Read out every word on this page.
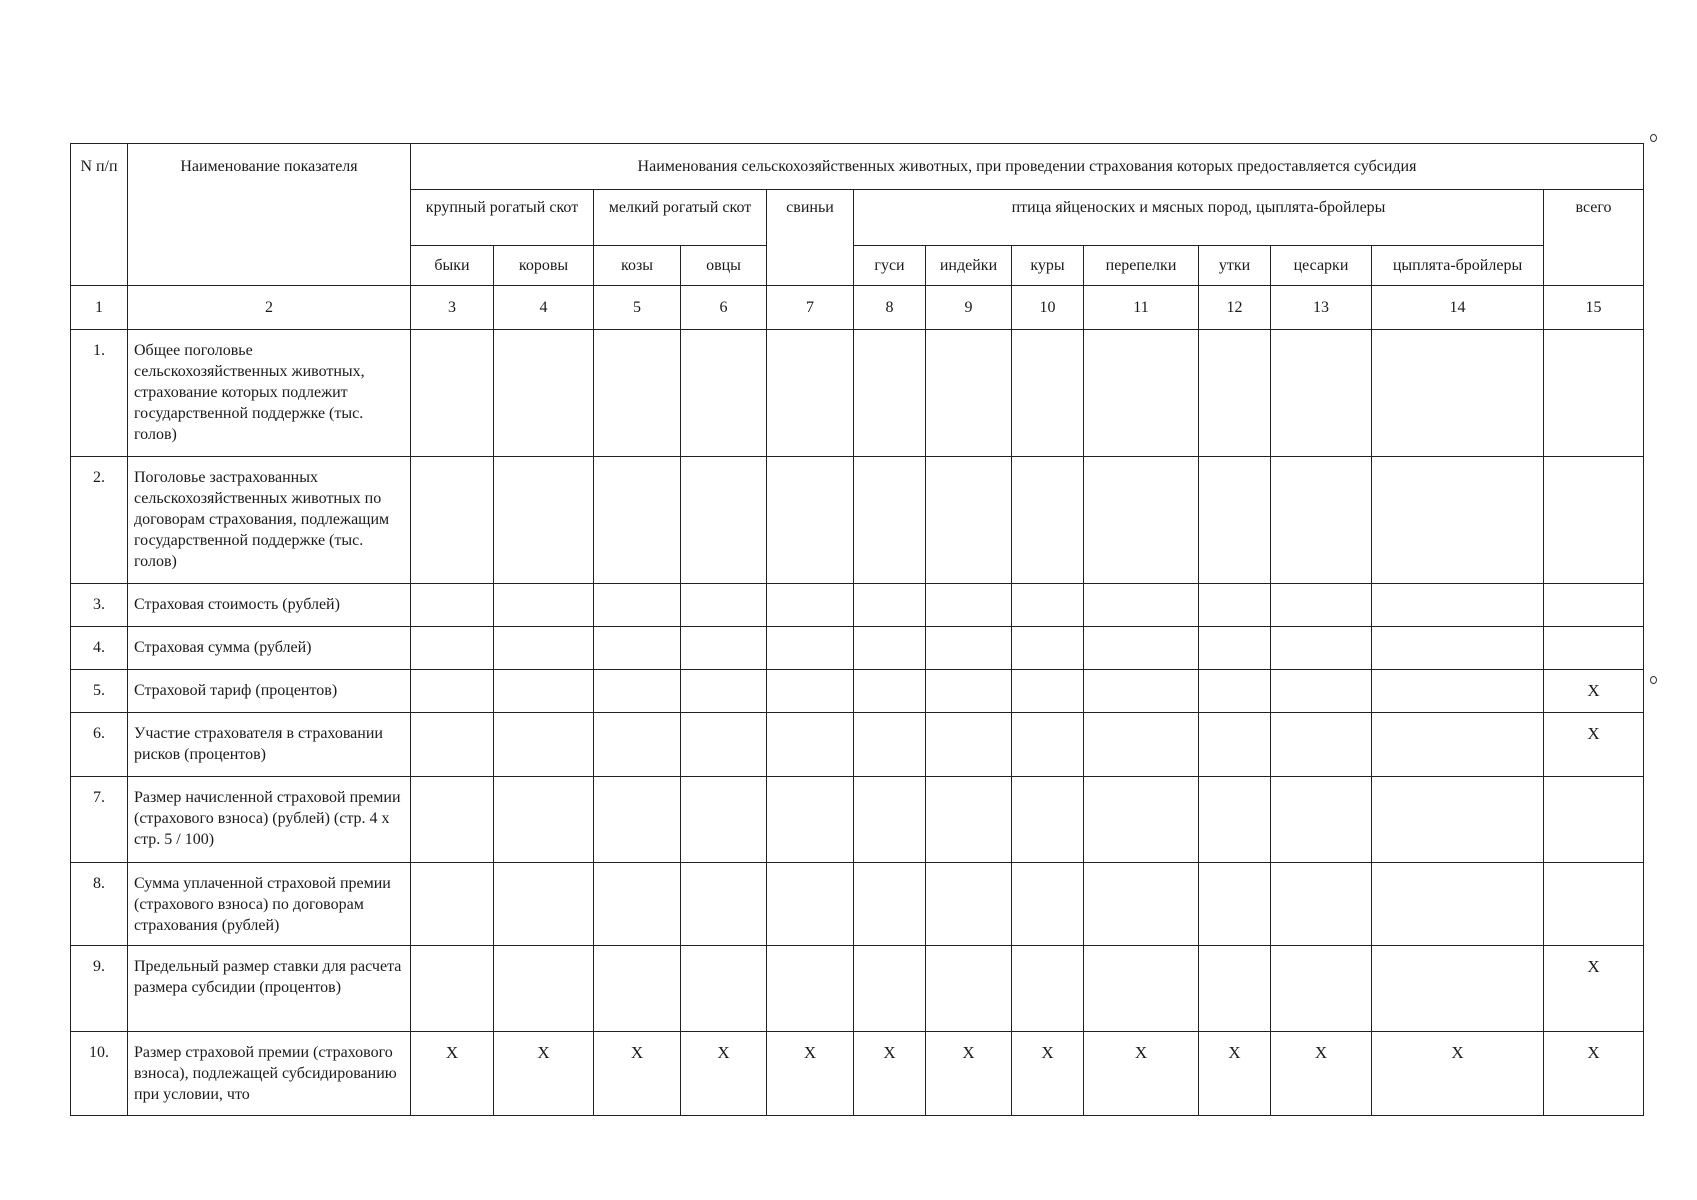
N п/п	Наименование показателя	Наименования сельскохозяйственных животных, при проведении страхования которых предоставляется субсидия												
		крупный рогатый скот		мелкий рогатый скот		свиньи	птица яйценоских и мясных пород, цыплята-бройлеры							всего
		быки	коровы	козы	овцы		гуси	индейки	куры	перепелки	утки	цесарки	цыплята-бройлеры	
1	2	3	4	5	6	7	8	9	10	11	12	13	14	15
1.	Общее поголовье сельскохозяйственных животных, страхование которых подлежит государственной поддержке (тыс. голов)													
2.	Поголовье застрахованных сельскохозяйственных животных по договорам страхования, подлежащим государственной поддержке (тыс. голов)													
3.	Страховая стоимость (рублей)													
4.	Страховая сумма (рублей)													
5.	Страховой тариф (процентов)													X
6.	Участие страхователя в страховании рисков (процентов)													X
7.	Размер начисленной страховой премии (страхового взноса) (рублей) (стр. 4 x стр. 5 / 100)													
8.	Сумма уплаченной страховой премии (страхового взноса) по договорам страхования (рублей)													
9.	Предельный размер ставки для расчета размера субсидии (процентов)													X
10.	Размер страховой премии (страхового взноса), подлежащей субсидированию при условии, что	X	X	X	X	X	X	X	X	X	X	X	X	X
